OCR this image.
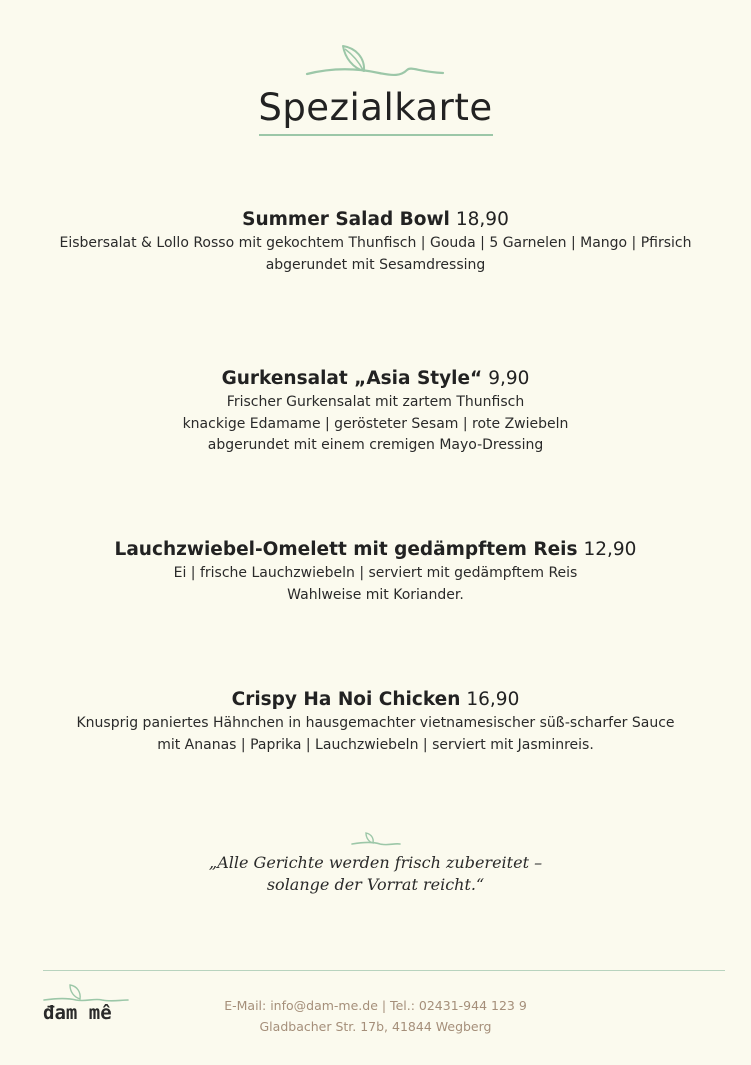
Spezialkarte
Summer Salad Bowl 18,90
Eisbersalat & Lollo Rosso mit gekochtem Thunfisch | Gouda | 5 Garnelen | Mango | Pfirsich
abgerundet mit Sesamdressing
Gurkensalat „Asia Style“ 9,90
Frischer Gurkensalat mit zartem Thunfisch
knackige Edamame | gerösteter Sesam | rote Zwiebeln
abgerundet mit einem cremigen Mayo-Dressing
Lauchzwiebel-Omelett mit gedämpftem Reis 12,90
Ei | frische Lauchzwiebeln | serviert mit gedämpftem Reis
Wahlweise mit Koriander.
Crispy Ha Noi Chicken 16,90
Knusprig paniertes Hähnchen in hausgemachter vietnamesischer süß-scharfer Sauce
mit Ananas | Paprika | Lauchzwiebeln | serviert mit Jasminreis.
„Alle Gerichte werden frisch zubereitet –
solange der Vorrat reicht.“
đam mê	E-Mail: info@dam-me.de | Tel.: 02431-944 123 9
Gladbacher Str. 17b, 41844 Wegberg
